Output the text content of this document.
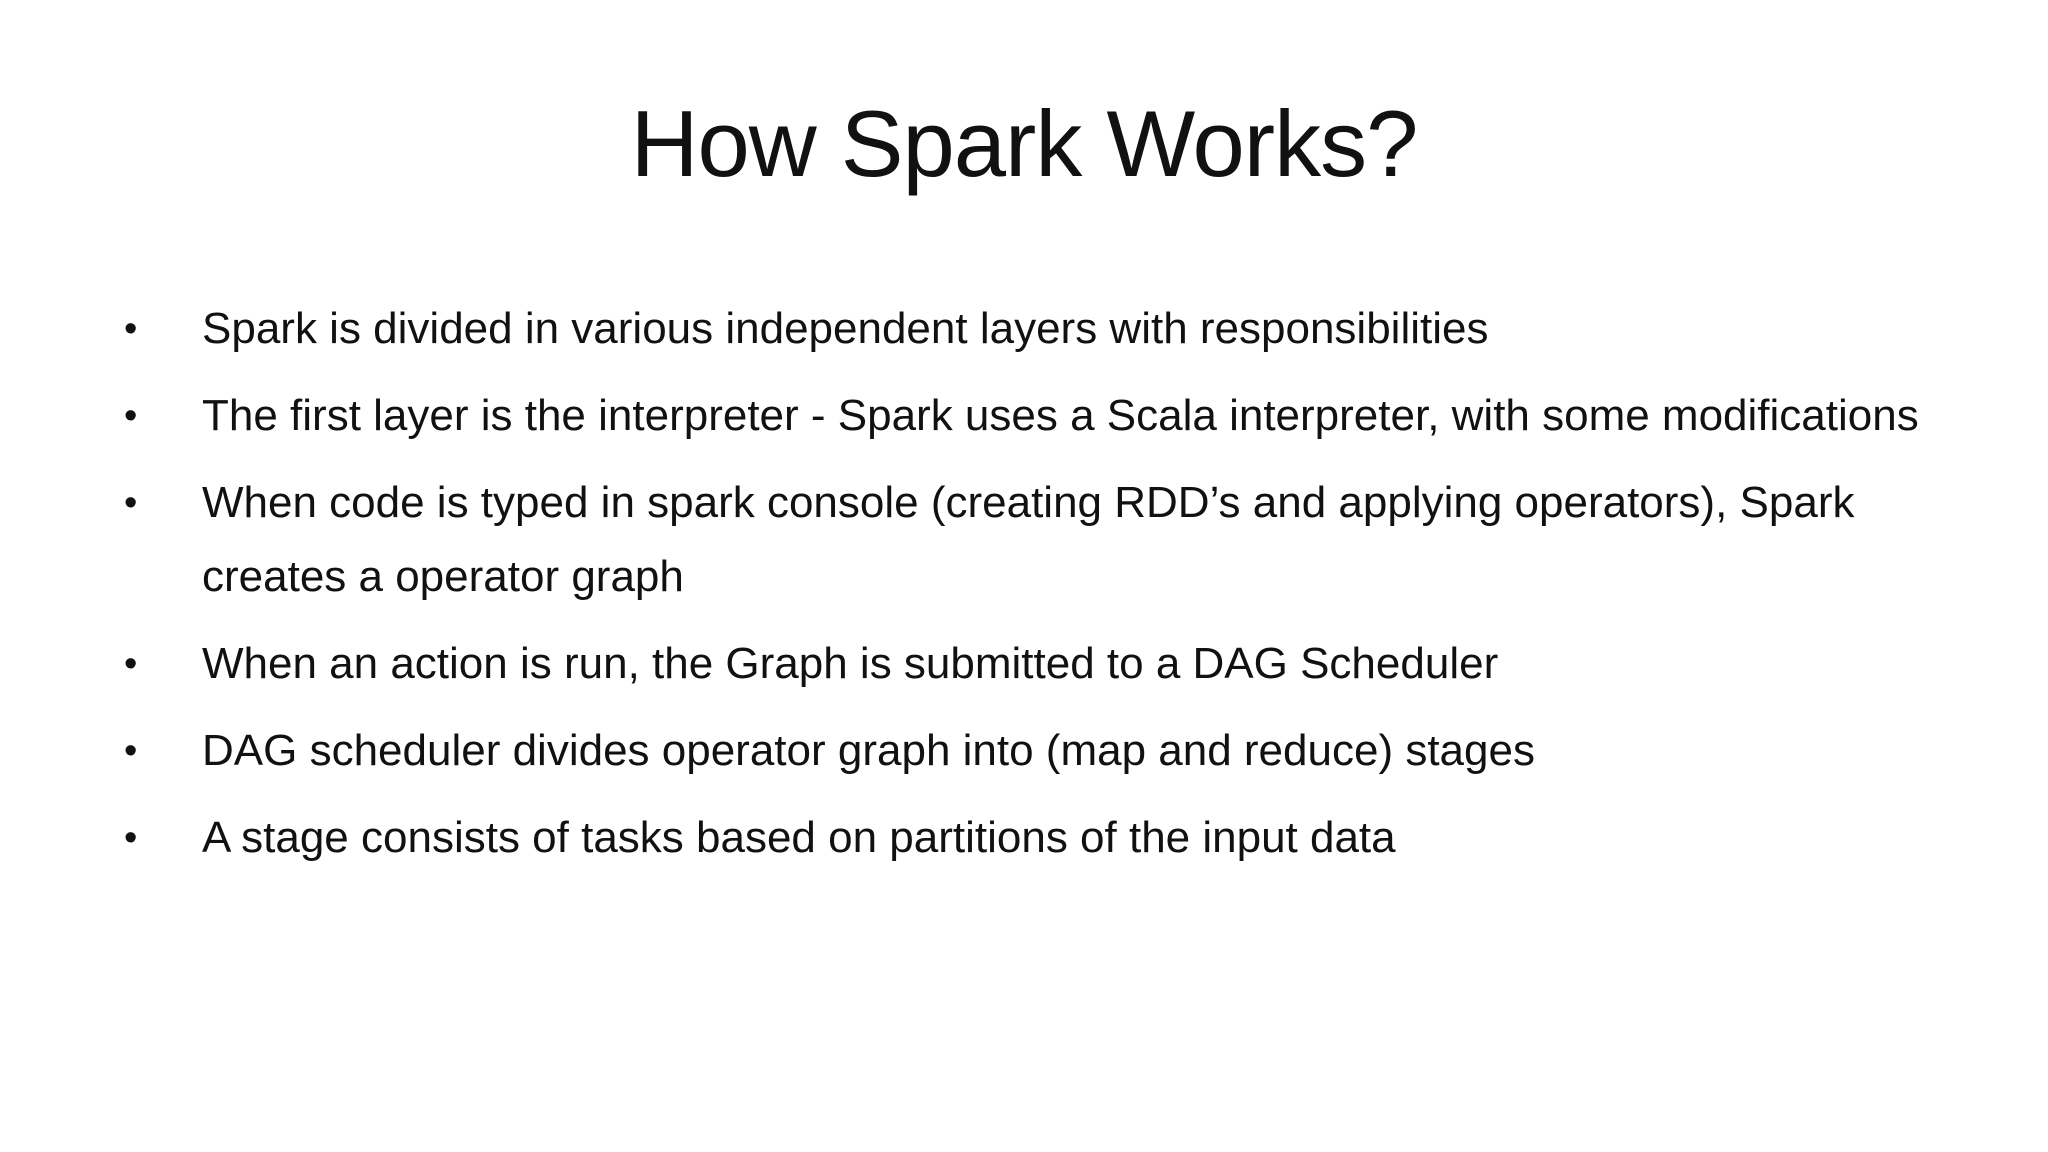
How Spark Works?
•	Spark is divided in various independent layers with responsibilities
•	The first layer is the interpreter - Spark uses a Scala interpreter, with some modifications
•	When code is typed in spark console (creating RDD’s and applying operators), Spark creates a operator graph
•	When an action is run, the Graph is submitted to a DAG Scheduler
•	DAG scheduler divides operator graph into (map and reduce) stages
•	A stage consists of tasks based on partitions of the input data
